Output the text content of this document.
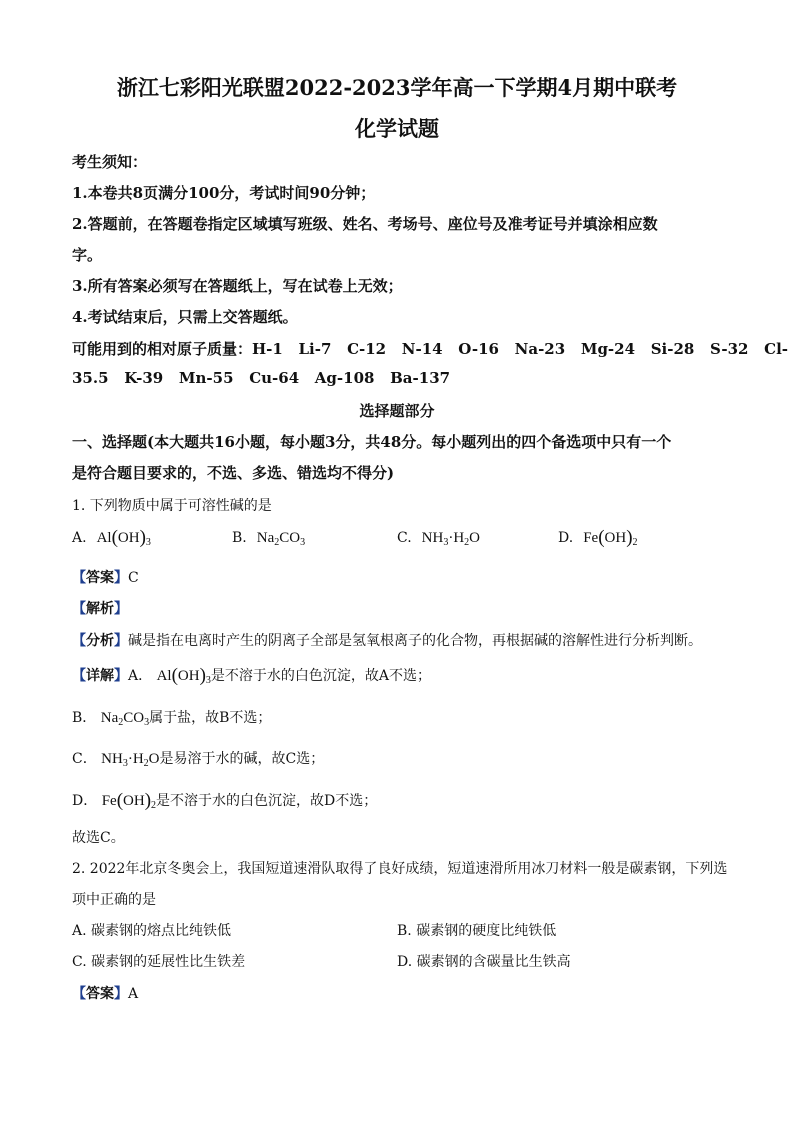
浙江七彩阳光联盟2022-2023学年高一下学期4月期中联考
化学试题
考生须知：
1.本卷共8页满分100分，考试时间90分钟；
2.答题前，在答题卷指定区域填写班级、姓名、考场号、座位号及准考证号并填涂相应数
字。
3.所有答案必须写在答题纸上，写在试卷上无效；
4.考试结束后，只需上交答题纸。
可能用到的相对原子质量：H-1   Li-7   C-12   N-14   O-16   Na-23   Mg-24   Si-28   S-32   Cl-
35.5   K-39   Mn-55   Cu-64   Ag-108   Ba-137
选择题部分
一、选择题(本大题共16小题，每小题3分，共48分。每小题列出的四个备选项中只有一个
是符合题目要求的，不选、多选、错选均不得分)
1. 下列物质中属于可溶性碱的是
A. $Al(OH)_3$	B. $Na_2CO_3$	C. $NH_3\cdot H_2O$	D. $Fe(OH)_2$
【答案】C
【解析】
【分析】碱是指在电离时产生的阴离子全部是氢氧根离子的化合物，再根据碱的溶解性进行分析判断。
【详解】A． $Al(OH)_3$是不溶于水的白色沉淀，故A不选；
B． $Na_2CO_3$属于盐，故B不选；
C． $NH_3\cdot H_2O$是易溶于水的碱，故C选；
D． $Fe(OH)_2$是不溶于水的白色沉淀，故D不选；
故选C。
2. 2022年北京冬奥会上，我国短道速滑队取得了良好成绩，短道速滑所用冰刀材料一般是碳素钢，下列选
项中正确的是
A. 碳素钢的熔点比纯铁低	B. 碳素钢的硬度比纯铁低
C. 碳素钢的延展性比生铁差	D. 碳素钢的含碳量比生铁高
【答案】A
